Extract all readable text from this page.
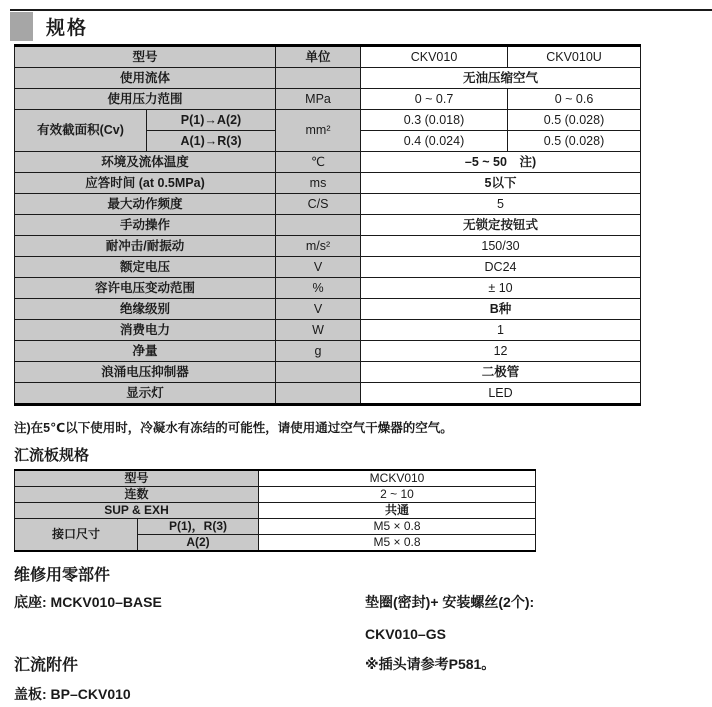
规格
型号		单位	CKV010	CKV010U
使用流体			无油压缩空气	
使用压力范围		MPa	0 ~ 0.7	0 ~ 0.6
有效截面积(Cv)	P(1)→A(2)	mm²	0.3 (0.018)	0.5 (0.028)
	A(1)→R(3)		0.4 (0.024)	0.5 (0.028)
环境及流体温度		℃	–5 ~ 50　注)	
应答时间 (at 0.5MPa)		ms	5以下	
最大动作频度		C/S	5	
手动操作			无锁定按钮式	
耐冲击/耐振动		m/s²	150/30	
额定电压		V	DC24	
容许电压变动范围		%	± 10	
绝缘级别		V	B种	
消费电力		W	1	
净量		g	12	
浪涌电压抑制器			二极管	
显示灯			LED	
注)在5℃以下使用时，冷凝水有冻结的可能性，请使用通过空气干燥器的空气。
汇流板规格
型号		MCKV010
连数		2 ~ 10
SUP & EXH		共通
接口尺寸	P(1)，R(3)	M5 × 0.8
	A(2)	M5 × 0.8
维修用零部件
底座: MCKV010–BASE	垫圈(密封)+ 安装螺丝(2个):
CKV010–GS
汇流附件	※插头请参考P581。
盖板: BP–CKV010
